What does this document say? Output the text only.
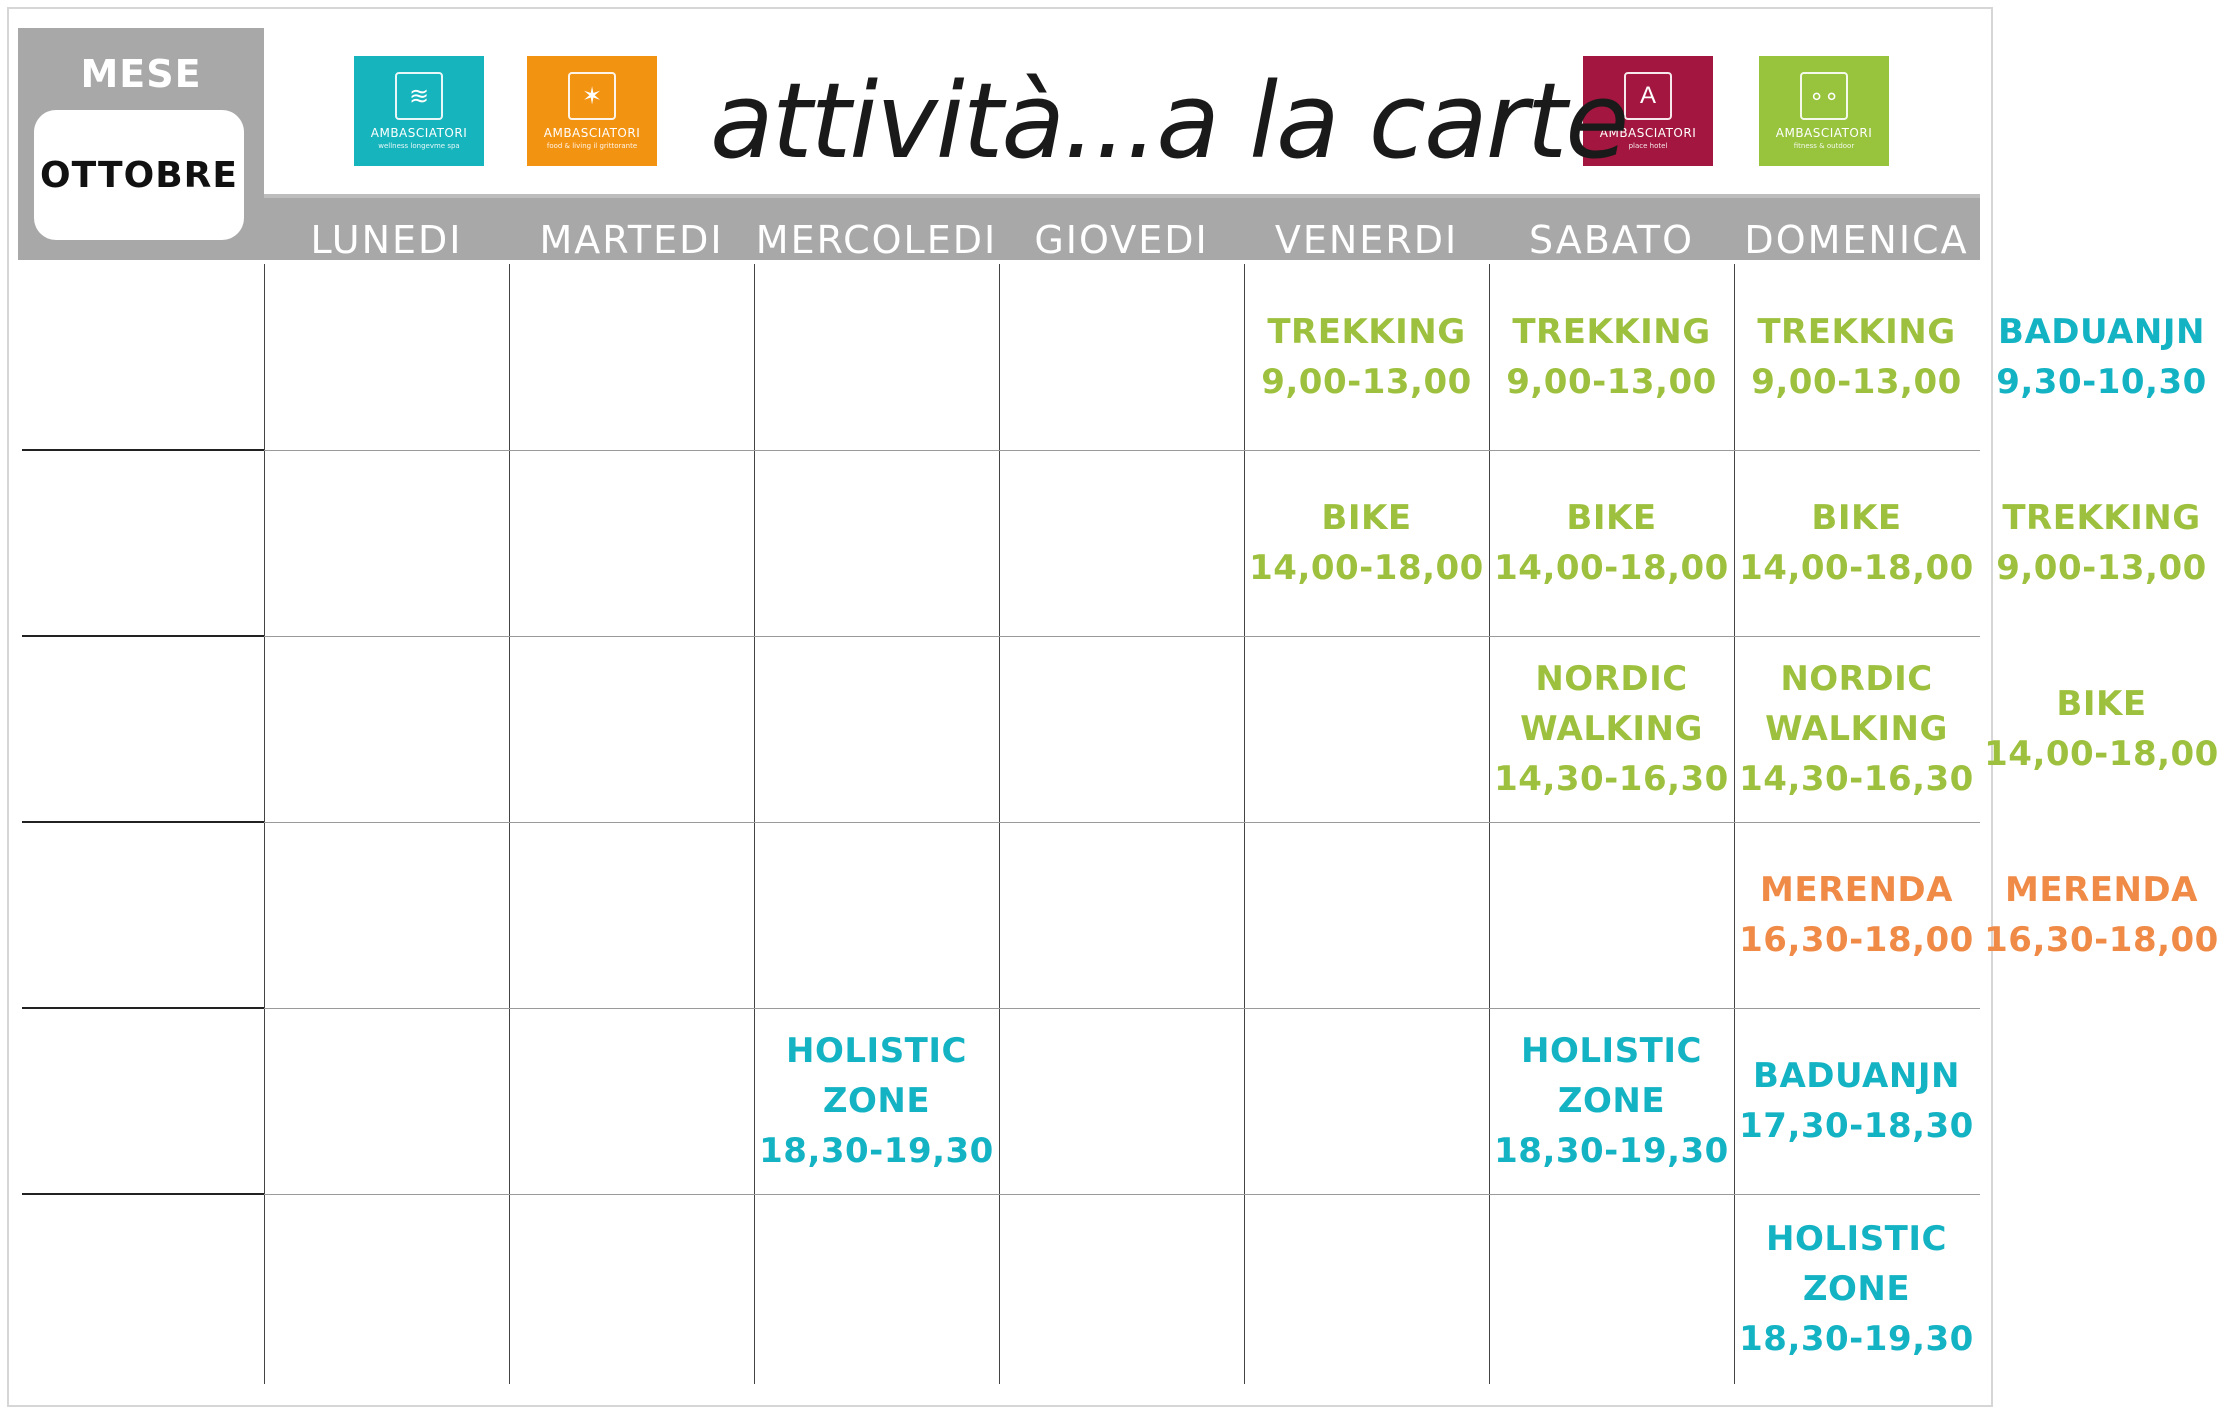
MESE
OTTOBRE
≋
AMBASCIATORI
wellness longevme spa
✶
AMBASCIATORI
food & living il grittorante
A
AMBASCIATORI
place hotel
∘∘
AMBASCIATORI
fitness & outdoor
attività...a la carte
LUNEDI MARTEDI MERCOLEDI GIOVEDI VENERDI SABATO DOMENICA
TREKKING
9,00-13,00
TREKKING
9,00-13,00
TREKKING
9,00-13,00
BADUANJN
9,30-10,30
BIKE
14,00-18,00
BIKE
14,00-18,00
BIKE
14,00-18,00
TREKKING
9,00-13,00
NORDIC
WALKING
14,30-16,30
NORDIC
WALKING
14,30-16,30
BIKE
14,00-18,00
MERENDA
16,30-18,00
MERENDA
16,30-18,00
HOLISTIC
ZONE
18,30-19,30
HOLISTIC
ZONE
18,30-19,30
BADUANJN
17,30-18,30
HOLISTIC
ZONE
18,30-19,30
